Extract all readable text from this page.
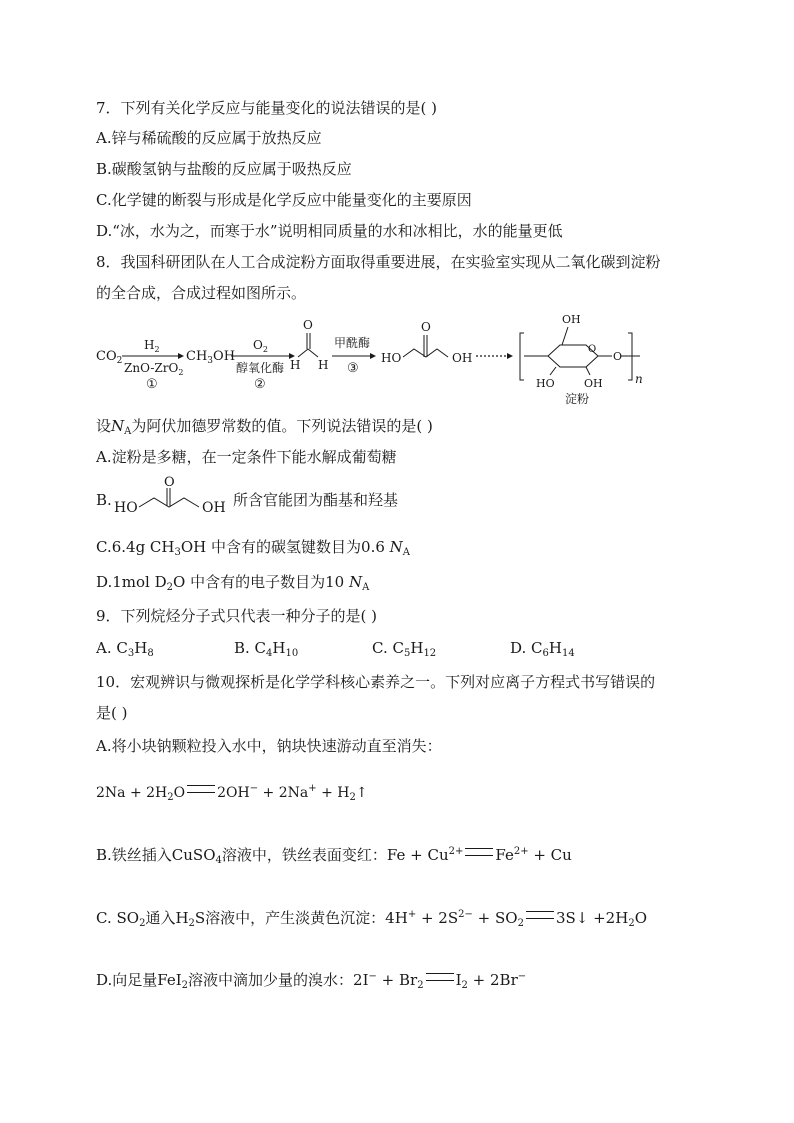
7．下列有关化学反应与能量变化的说法错误的是( )
A.锌与稀硫酸的反应属于放热反应
B.碳酸氢钠与盐酸的反应属于吸热反应
C.化学键的断裂与形成是化学反应中能量变化的主要原因
D.“冰，水为之，而寒于水”说明相同质量的水和冰相比，水的能量更低
8．我国科研团队在人工合成淀粉方面取得重要进展，在实验室实现从二氧化碳到淀粉
的全合成，合成过程如图所示。
$CO_2$
$H_2$
ZnO-ZrO$_2$
①
$CH_3OH$
$O_2$
醇氧化酶
②
O
H H
甲酰酶
③
HO
O
OH
OH
O
HO	OH
O
n
淀粉
设$N_A$为阿伏加德罗常数的值。下列说法错误的是( )
A.淀粉是多糖，在一定条件下能水解成葡萄糖
B. HO
O
OH 所含官能团为酯基和羟基
C.6.4g $CH_3OH$ 中含有的碳氢键数目为0.6 $N_A$
D.1mol $D_2O$ 中含有的电子数目为10 $N_A$
9．下列烷烃分子式只代表一种分子的是( )
A. $C_3H_8$	B. $C_4H_{10}$	C. $C_5H_{12}$	D. $C_6H_{14}$
10．宏观辨识与微观探析是化学学科核心素养之一。下列对应离子方程式书写错误的
是( )
A.将小块钠颗粒投入水中，钠块快速游动直至消失：
$2Na + 2H_2O$ $2OH^- + 2Na^+ + H_2↑$
B.铁丝插入CuSO$_4$溶液中，铁丝表面变红：$Fe + Cu^{2+}$ $Fe^{2+} + Cu$
C. $SO_2$通入$H_2S$溶液中，产生淡黄色沉淀：$4H^+ + 2S^{2-} + SO_2$ 3S↓ $+2H_2O$
D.向足量FeI$_2$溶液中滴加少量的溴水：$2I^- + Br_2$ $I_2 + 2Br^-$
